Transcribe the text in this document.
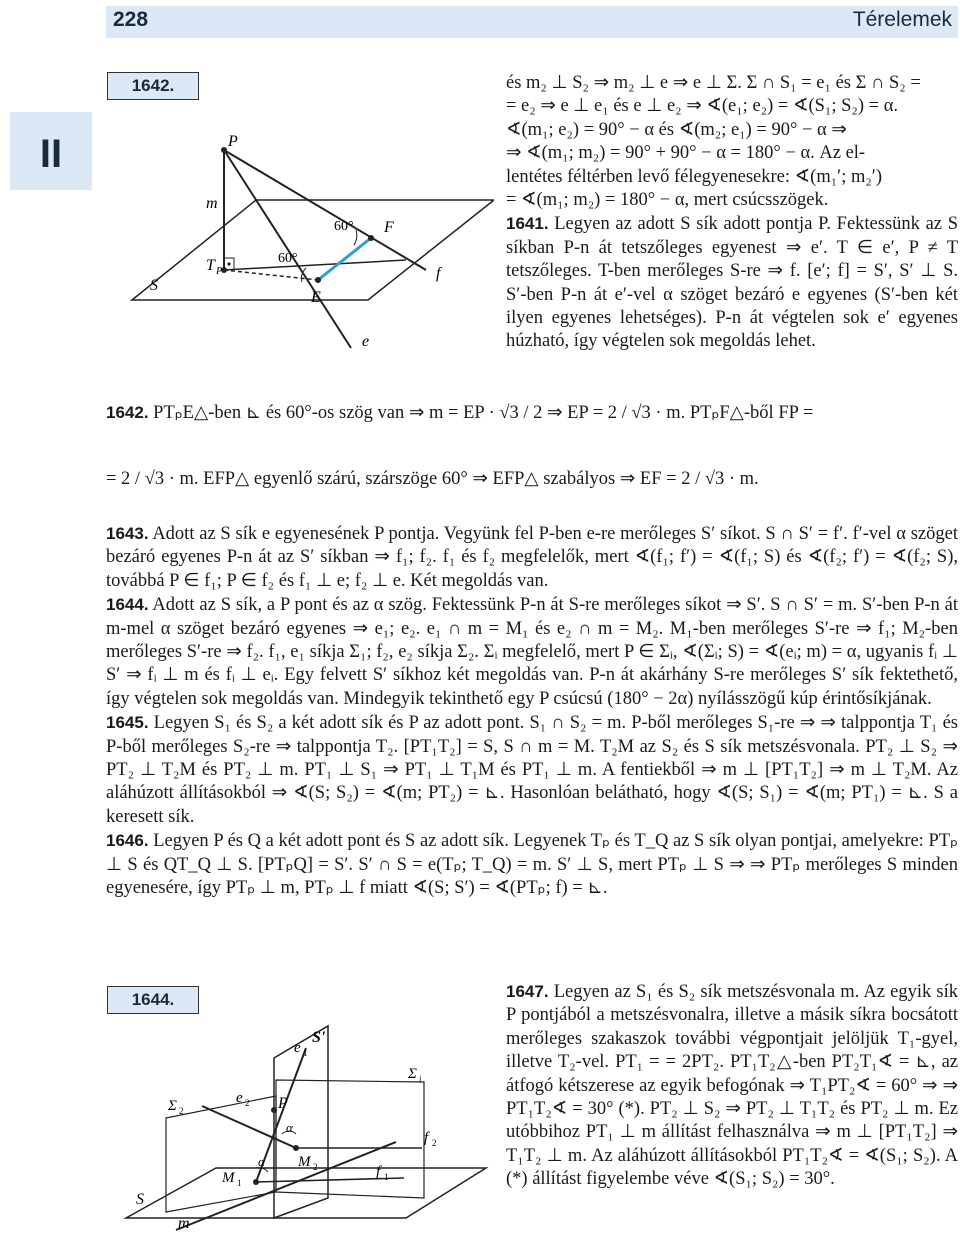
228	Térelemek
II
1642.
P
m
F
E
S
f
e
T P
60°
60°

és m₂ ⊥ S₂ ⇒ m₂ ⊥ e ⇒ e ⊥ Σ. Σ ∩ S₁ = e₁ és Σ ∩ S₂ =

= e₂ ⇒ e ⊥ e₁ és e ⊥ e₂ ⇒ ∢(e₁; e₂) = ∢(S₁; S₂) = α.

∢(m₁; e₂) = 90° − α és ∢(m₂; e₁) = 90° − α ⇒

⇒ ∢(m₁; m₂) = 90° + 90° − α = 180° − α. Az el-

lentétes féltérben levő félegyenesekre: ∢(m₁′; m₂′)

= ∢(m₁; m₂) = 180° − α, mert csúcsszögek.

1641. Legyen az adott S sík adott pontja P. Fektessünk az S síkban P-n át tetszőleges egyenest ⇒ e′. T ∈ e′, P ≠ T tetszőleges. T-ben merőleges S-re ⇒ f. [e′; f] = S′, S′ ⊥ S. S′-ben P-n át e′-vel α szöget bezáró e egyenes (S′-ben két ilyen egyenes lehetséges). P-n át végtelen sok e′ egyenes húzható, így végtelen sok megoldás lehet.

1642. PTₚE△-ben ⊾ és 60°-os szög van ⇒ m = EP · √3 / 2 ⇒ EP = 2 / √3 · m. PTₚF△-ből FP =
= 2 / √3 · m. EFP△ egyenlő szárú, szárszöge 60° ⇒ EFP△ szabályos ⇒ EF = 2 / √3 · m.

1643. Adott az S sík e egyenesének P pontja. Vegyünk fel P-ben e-re merőleges S′ síkot. S ∩ S′ = f′. f′-vel α szöget bezáró egyenes P-n át az S′ síkban ⇒ f₁; f₂. f₁ és f₂ megfelelők, mert ∢(f₁; f′) = ∢(f₁; S) és ∢(f₂; f′) = ∢(f₂; S), továbbá P ∈ f₁; P ∈ f₂ és f₁ ⊥ e; f₂ ⊥ e. Két megoldás van.

1644. Adott az S sík, a P pont és az α szög. Fektessünk P-n át S-re merőleges síkot ⇒ S′. S ∩ S′ = m. S′-ben P-n át m-mel α szöget bezáró egyenes ⇒ e₁; e₂. e₁ ∩ m = M₁ és e₂ ∩ m = M₂. M₁-ben merőleges S′-re ⇒ f₁; M₂-ben merőleges S′-re ⇒ f₂. f₁, e₁ síkja Σ₁; f₂, e₂ síkja Σ₂. Σᵢ megfelelő, mert P ∈ Σᵢ, ∢(Σᵢ; S) = ∢(eᵢ; m) = α, ugyanis fᵢ ⊥ S′ ⇒ fᵢ ⊥ m és fᵢ ⊥ eᵢ. Egy felvett S′ síkhoz két megoldás van. P-n át akárhány S-re merőleges S′ sík fektethető, így végtelen sok megoldás van. Mindegyik tekinthető egy P csúcsú (180° − 2α) nyílásszögű kúp érintősíkjának.

1645. Legyen S₁ és S₂ a két adott sík és P az adott pont. S₁ ∩ S₂ = m. P-ből merőleges S₁-re ⇒ ⇒ talppontja T₁ és P-ből merőleges S₂-re ⇒ talppontja T₂. [PT₁T₂] = S, S ∩ m = M. T₂M az S₂ és S sík metszésvonala. PT₂ ⊥ S₂ ⇒ PT₂ ⊥ T₂M és PT₂ ⊥ m. PT₁ ⊥ S₁ ⇒ PT₁ ⊥ T₁M és PT₁ ⊥ m. A fentiekből ⇒ m ⊥ [PT₁T₂] ⇒ m ⊥ T₂M. Az aláhúzott állításokból ⇒ ∢(S; S₂) = ∢(m; PT₂) = ⊾. Hasonlóan belátható, hogy ∢(S; S₁) = ∢(m; PT₁) = ⊾. S a keresett sík.

1646. Legyen P és Q a két adott pont és S az adott sík. Legyenek Tₚ és T_Q az S sík olyan pontjai, amelyekre: PTₚ ⊥ S és QT_Q ⊥ S. [PTₚQ] = S′. S′ ∩ S = e(Tₚ; T_Q) = m. S′ ⊥ S, mert PTₚ ⊥ S ⇒ ⇒ PTₚ merőleges S minden egyenesére, így PTₚ ⊥ m, PTₚ ⊥ f miatt ∢(S; S′) = ∢(PTₚ; f) = ⊾.

1644.
S'
e 1
Σ i
Σ 2
e 2 P
α
M 2
α
M 1
f 2
f 1
S
m

1647. Legyen az S₁ és S₂ sík metszésvonala m. Az egyik sík P pontjából a metszésvonalra, illetve a másik síkra bocsátott merőleges szakaszok további végpontjait jelöljük T₁-gyel, illetve T₂-vel. PT₁ = = 2PT₂. PT₁T₂△-ben PT₂T₁∢ = ⊾, az átfogó kétszerese az egyik befogónak ⇒ T₁PT₂∢ = 60° ⇒ ⇒ PT₁T₂∢ = 30° (*). PT₂ ⊥ S₂ ⇒ PT₂ ⊥ T₁T₂ és PT₂ ⊥ m. Ez utóbbihoz PT₁ ⊥ m állítást felhasználva ⇒ m ⊥ [PT₁T₂] ⇒ T₁T₂ ⊥ m. Az aláhúzott állításokból PT₁T₂∢ = ∢(S₁; S₂). A (*) állítást figyelembe véve ∢(S₁; S₂) = 30°.
